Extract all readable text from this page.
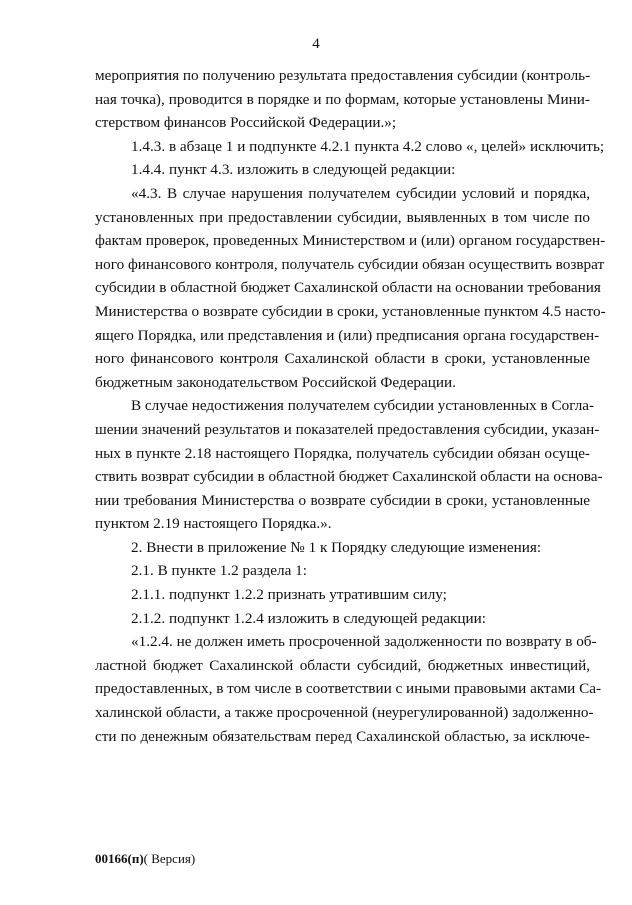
4
мероприятия по получению результата предоставления субсидии (контроль-
ная точка), проводится в порядке и по формам, которые установлены Мини-
стерством финансов Российской Федерации.»;
1.4.3. в абзаце 1 и подпункте 4.2.1 пункта 4.2 слово «, целей» исключить;
1.4.4. пункт 4.3. изложить в следующей редакции:
«4.3. В случае нарушения получателем субсидии условий и порядка,
установленных при предоставлении субсидии, выявленных в том числе по
фактам проверок, проведенных Министерством и (или) органом государствен-
ного финансового контроля, получатель субсидии обязан осуществить возврат
субсидии в областной бюджет Сахалинской области на основании требования
Министерства о возврате субсидии в сроки, установленные пунктом 4.5 насто-
ящего Порядка, или представления и (или) предписания органа государствен-
ного финансового контроля Сахалинской области в сроки, установленные
бюджетным законодательством Российской Федерации.
В случае недостижения получателем субсидии установленных в Согла-
шении значений результатов и показателей предоставления субсидии, указан-
ных в пункте 2.18 настоящего Порядка, получатель субсидии обязан осуще-
ствить возврат субсидии в областной бюджет Сахалинской области на основа-
нии требования Министерства о возврате субсидии в сроки, установленные
пунктом 2.19 настоящего Порядка.».
2. Внести в приложение № 1 к Порядку следующие изменения:
2.1. В пункте 1.2 раздела 1:
2.1.1. подпункт 1.2.2 признать утратившим силу;
2.1.2. подпункт 1.2.4 изложить в следующей редакции:
«1.2.4. не должен иметь просроченной задолженности по возврату в об-
ластной бюджет Сахалинской области субсидий, бюджетных инвестиций,
предоставленных, в том числе в соответствии с иными правовыми актами Са-
халинской области, а также просроченной (неурегулированной) задолженно-
сти по денежным обязательствам перед Сахалинской областью, за исключе-
00166(п)( Версия)
